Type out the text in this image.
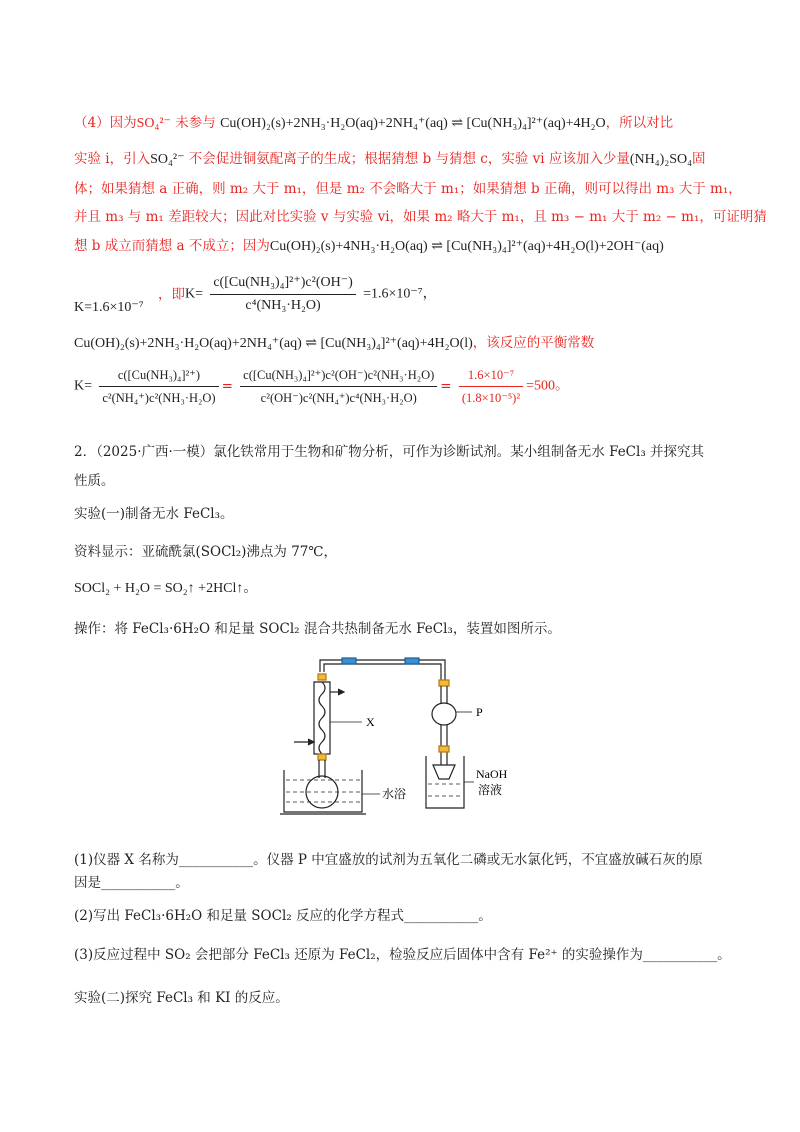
（4）因为SO₄²⁻ 未参与 Cu(OH)₂(s)+2NH₃·H₂O(aq)+2NH₄⁺(aq) ⇌ [Cu(NH₃)₄]²⁺(aq)+4H₂O，所以对比
实验 i，引入SO₄²⁻ 不会促进铜氨配离子的生成；根据猜想 b 与猜想 c，实验 vi 应该加入少量(NH₄)₂SO₄固
体；如果猜想 a 正确，则 m₂ 大于 m₁，但是 m₂ 不会略大于 m₁；如果猜想 b 正确，则可以得出 m₃ 大于 m₁，
并且 m₃ 与 m₁ 差距较大；因此对比实验 v 与实验 vi，如果 m₂ 略大于 m₁，且 m₃ − m₁ 大于 m₂ − m₁，可证明猜
想 b 成立而猜想 a 不成立；因为Cu(OH)₂(s)+4NH₃·H₂O(aq) ⇌ [Cu(NH₃)₄]²⁺(aq)+4H₂O(l)+2OH⁻(aq)
K=1.6×10⁻⁷
，即$K= \frac{\text{c([Cu(NH₃)₄]²⁺)c²(OH⁻)}}{\text{c⁴(NH₃·H₂O)}} =1.6\times 10^{-7}$，
Cu(OH)₂(s)+2NH₃·H₂O(aq)+2NH₄⁺(aq) ⇌ [Cu(NH₃)₄]²⁺(aq)+4H₂O(l)，该反应的平衡常数
$K= \frac{\text{c([Cu(NH₃)₄]²⁺)}}{\text{c²(NH₄⁺)c²(NH₃·H₂O)}} = \frac{\text{c([Cu(NH₃)₄]²⁺)c²(OH⁻)c²(NH₃·H₂O)}}{\text{c²(OH⁻)c²(NH₄⁺)c⁴(NH₃·H₂O)}} = \frac{\text{1.6×10⁻⁷}}{\text{(1.8×10⁻⁵)²}} =500$。
2．（2025·广西·一模）氯化铁常用于生物和矿物分析，可作为诊断试剂。某小组制备无水 FeCl₃ 并探究其
性质。
实验(一)制备无水 FeCl₃。
资料显示：亚硫酰氯(SOCl₂)沸点为 77℃，
SOCl₂ + H₂O = SO₂↑ +2HCl↑。
操作：将 FeCl₃·6H₂O 和足量 SOCl₂ 混合共热制备无水 FeCl₃，装置如图所示。
X
P
水浴
NaOH
溶液
(1)仪器 X 名称为___________。仪器 P 中宜盛放的试剂为五氧化二磷或无水氯化钙，不宜盛放碱石灰的原
因是___________。
(2)写出 FeCl₃·6H₂O 和足量 SOCl₂ 反应的化学方程式___________。
(3)反应过程中 SO₂ 会把部分 FeCl₃ 还原为 FeCl₂，检验反应后固体中含有 Fe²⁺ 的实验操作为___________。
实验(二)探究 FeCl₃ 和 KI 的反应。
